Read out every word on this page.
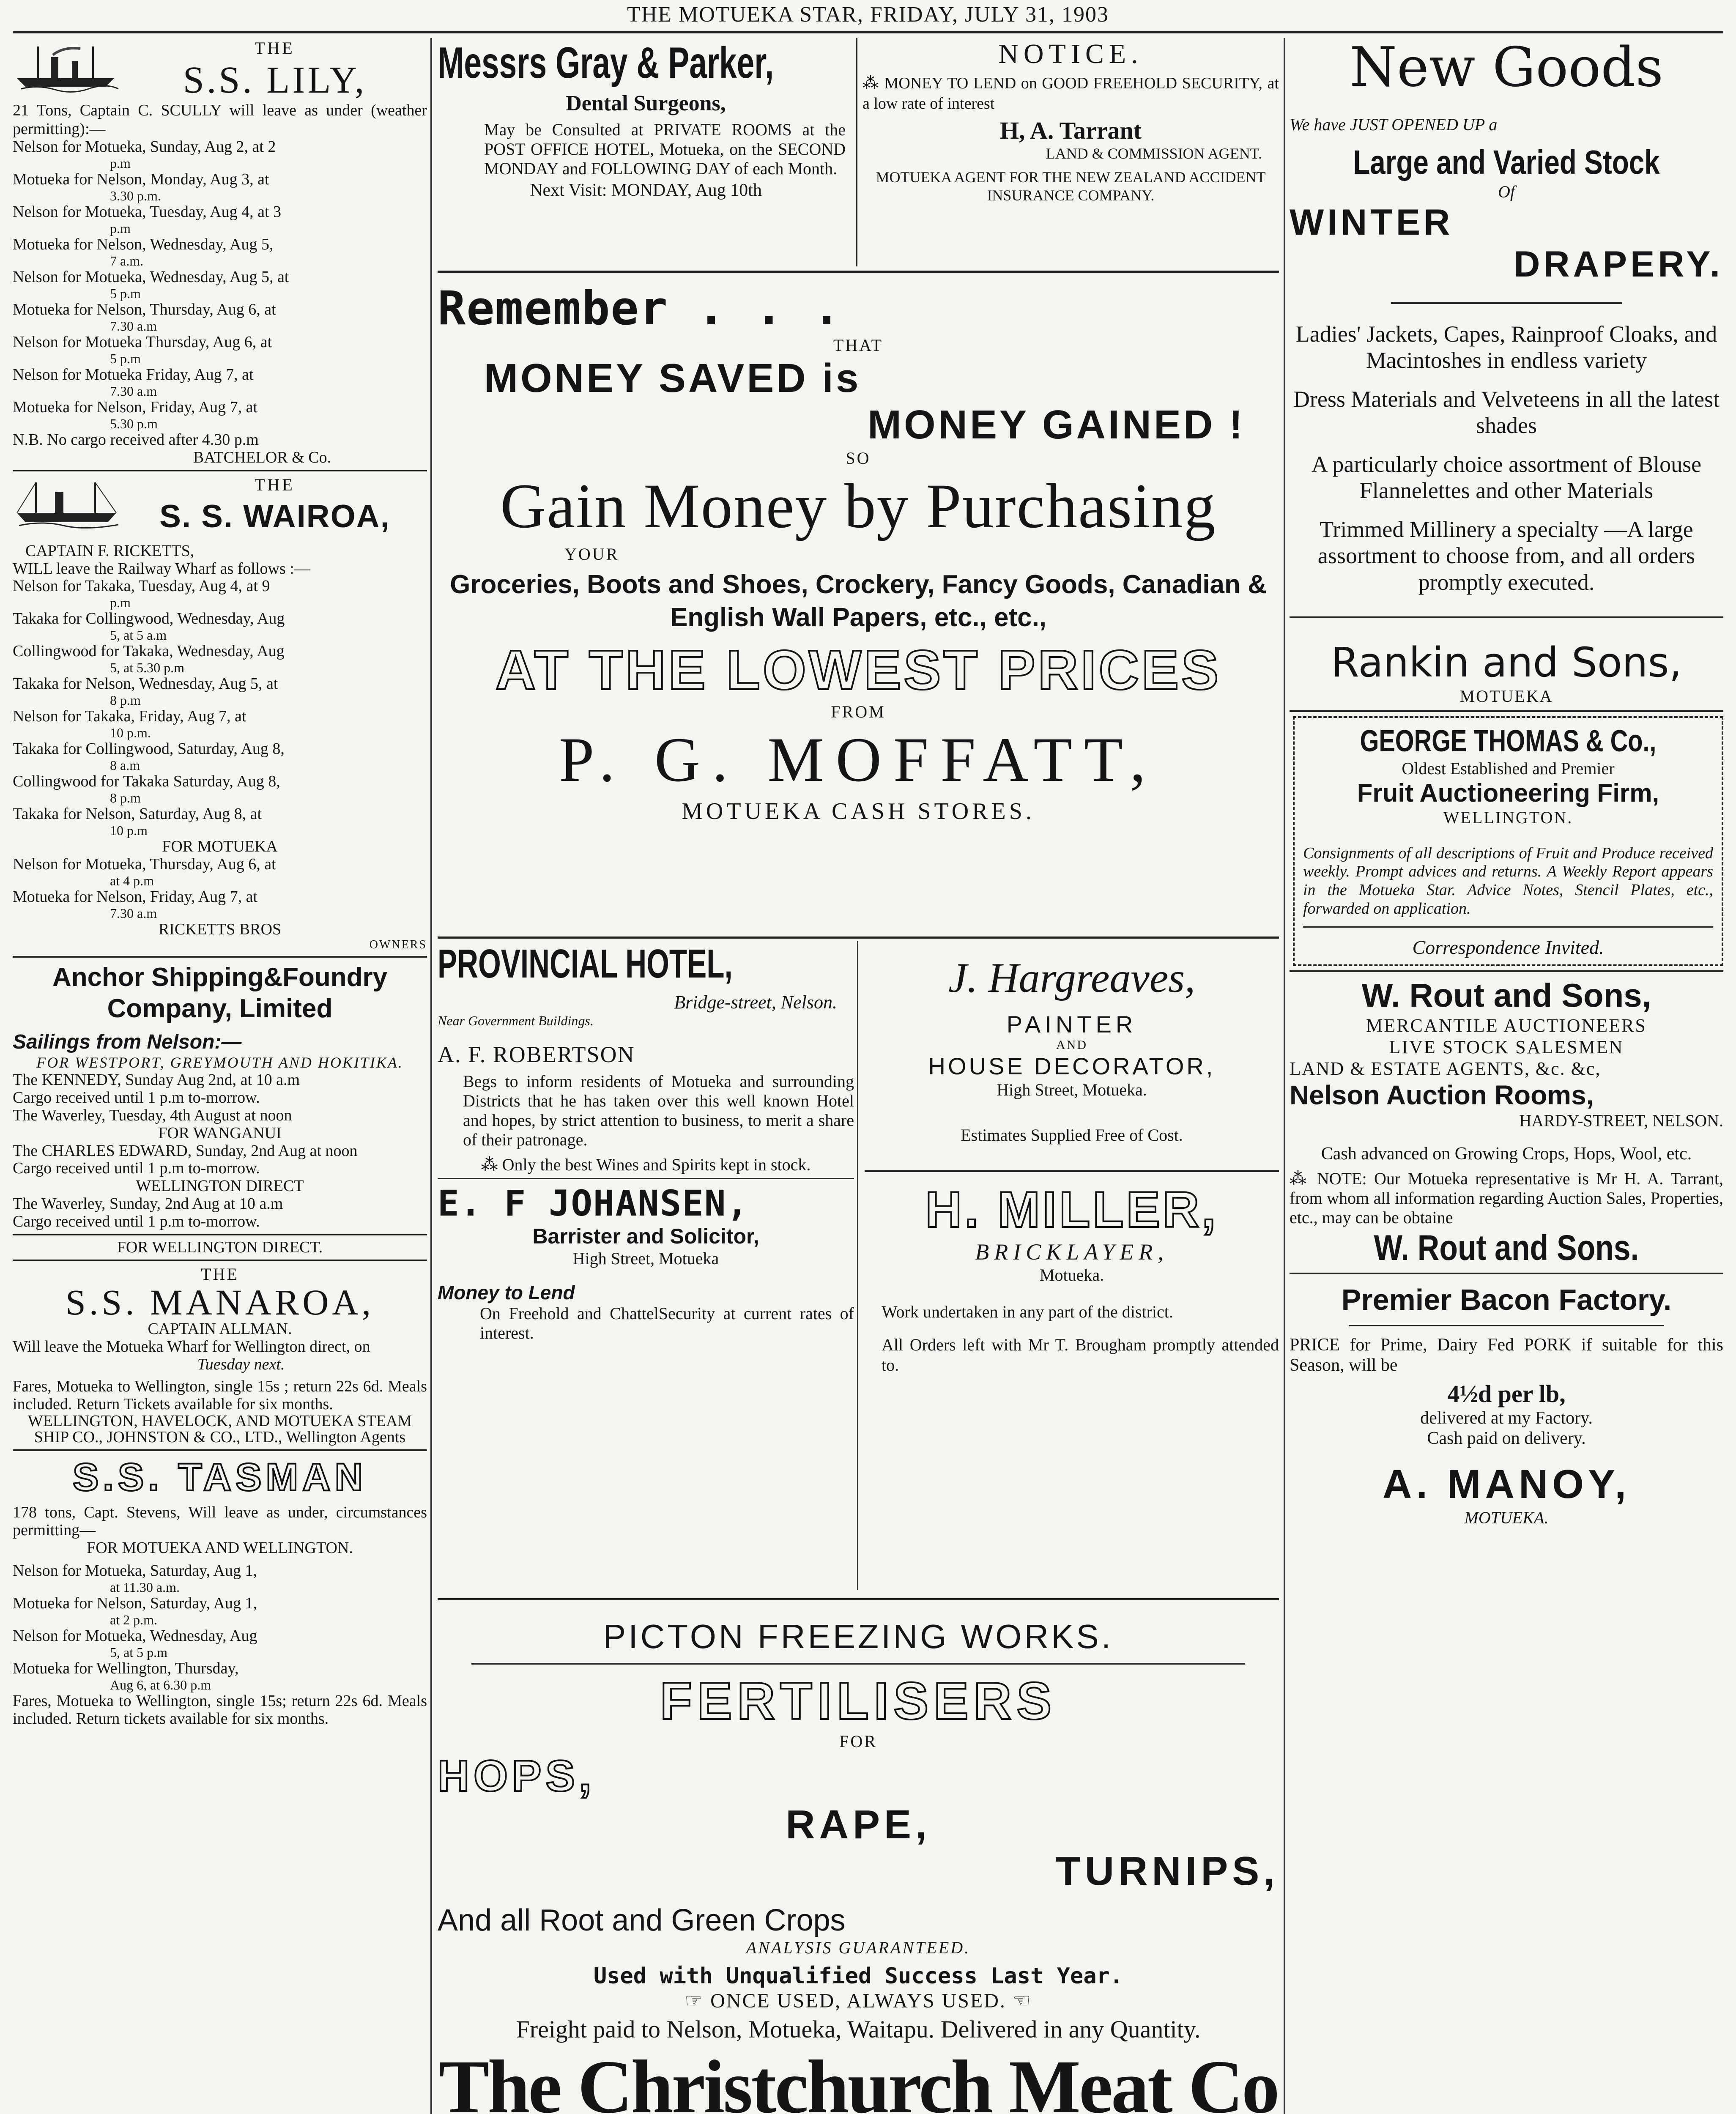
THE MOTUEKA STAR, FRIDAY, JULY 31, 1903
THE
S.S. LILY,
21 Tons, Captain C. SCULLY will leave as under (weather permitting):—
Nelson for Motueka, Sunday, Aug 2, at 2
p.m
Motueka for Nelson, Monday, Aug 3, at
3.30 p.m.
Nelson for Motueka, Tuesday, Aug 4, at 3
p.m
Motueka for Nelson, Wednesday, Aug 5,
7 a.m.
Nelson for Motueka, Wednesday, Aug 5, at
5 p.m
Motueka for Nelson, Thursday, Aug 6, at
7.30 a.m
Nelson for Motueka Thursday, Aug 6, at
5 p.m
Nelson for Motueka Friday, Aug 7, at
7.30 a.m
Motueka for Nelson, Friday, Aug 7, at
5.30 p.m
N.B. No cargo received after 4.30 p.m
BATCHELOR & Co.
THE
S. S. WAIROA,
CAPTAIN F. RICKETTS,
WILL leave the Railway Wharf as follows :—
Nelson for Takaka, Tuesday, Aug 4, at 9
p.m
Takaka for Collingwood, Wednesday, Aug
5, at 5 a.m
Collingwood for Takaka, Wednesday, Aug
5, at 5.30 p.m
Takaka for Nelson, Wednesday, Aug 5, at
8 p.m
Nelson for Takaka, Friday, Aug 7, at
10 p.m.
Takaka for Collingwood, Saturday, Aug 8,
8 a.m
Collingwood for Takaka Saturday, Aug 8,
8 p.m
Takaka for Nelson, Saturday, Aug 8, at
10 p.m
FOR MOTUEKA
Nelson for Motueka, Thursday, Aug 6, at
at 4 p.m
Motueka for Nelson, Friday, Aug 7, at
7.30 a.m
RICKETTS BROS
OWNERS
Anchor Shipping&Foundry Company, Limited
Sailings from Nelson:—
FOR WESTPORT, GREYMOUTH AND HOKITIKA.
The KENNEDY, Sunday Aug 2nd, at 10 a.m
Cargo received until 1 p.m to-morrow.
The Waverley, Tuesday, 4th August at noon
FOR WANGANUI
The CHARLES EDWARD, Sunday, 2nd Aug at noon
Cargo received until 1 p.m to-morrow.
WELLINGTON DIRECT
The Waverley, Sunday, 2nd Aug at 10 a.m
Cargo received until 1 p.m to-morrow.
FOR WELLINGTON DIRECT.
THE
S.S. MANAROA,
CAPTAIN ALLMAN.
Will leave the Motueka Wharf for Wellington direct, on
Tuesday next.
Fares, Motueka to Wellington, single 15s ; return 22s 6d. Meals included. Return Tickets available for six months.
WELLINGTON, HAVELOCK, AND MOTUEKA STEAM SHIP CO., JOHNSTON & CO., LTD., Wellington Agents
S.S. TASMAN
178 tons, Capt. Stevens, Will leave as under, circumstances permitting—
FOR MOTUEKA AND WELLINGTON.
Nelson for Motueka, Saturday, Aug 1,
at 11.30 a.m.
Motueka for Nelson, Saturday, Aug 1,
at 2 p.m.
Nelson for Motueka, Wednesday, Aug
5, at 5 p.m
Motueka for Wellington, Thursday,
Aug 6, at 6.30 p.m
Fares, Motueka to Wellington, single 15s; return 22s 6d. Meals included. Return tickets available for six months.
Messrs Gray & Parker,
Dental Surgeons,
May be Consulted at PRIVATE ROOMS at the POST OFFICE HOTEL, Motueka, on the SECOND MONDAY and FOLLOWING DAY of each Month.
Next Visit: MONDAY, Aug 10th
NOTICE.
⁂ MONEY TO LEND on GOOD FREEHOLD SECURITY, at a low rate of interest
H, A. Tarrant
LAND & COMMISSION AGENT.
MOTUEKA AGENT FOR THE NEW ZEALAND ACCIDENT INSURANCE COMPANY.
Remember . . .
THAT
MONEY SAVED is
MONEY GAINED !
SO
Gain Money by Purchasing
YOUR
Groceries, Boots and Shoes, Crockery, Fancy Goods, Canadian & English Wall Papers, etc., etc.,
AT THE LOWEST PRICES
FROM
P. G. MOFFATT,
MOTUEKA CASH STORES.
PROVINCIAL HOTEL,
Bridge-street, Nelson.
Near Government Buildings.
A. F. ROBERTSON
Begs to inform residents of Motueka and surrounding Districts that he has taken over this well known Hotel and hopes, by strict attention to business, to merit a share of their patronage.
⁂ Only the best Wines and Spirits kept in stock.
E. F JOHANSEN,
Barrister and Solicitor,
High Street, Motueka
Money to Lend
On Freehold and ChattelSecurity at current rates of interest.
J. Hargreaves,
PAINTER
AND
HOUSE DECORATOR,
High Street, Motueka.
Estimates Supplied Free of Cost.
H. MILLER,
BRICKLAYER,
Motueka.
Work undertaken in any part of the district.
All Orders left with Mr T. Brougham promptly attended to.
PICTON FREEZING WORKS.
FERTILISERS
FOR
HOPS,
RAPE,
TURNIPS,
And all Root and Green Crops
ANALYSIS GUARANTEED.
Used with Unqualified Success Last Year.
☞ ONCE USED, ALWAYS USED. ☜
Freight paid to Nelson, Motueka, Waitapu. Delivered in any Quantity.
The Christchurch Meat Co
New Goods
We have JUST OPENED UP a
Large and Varied Stock
Of
WINTER
DRAPERY.
Ladies' Jackets, Capes, Rainproof Cloaks, and Macintoshes in endless variety
Dress Materials and Velveteens in all the latest shades
A particularly choice assortment of Blouse Flannelettes and other Materials
Trimmed Millinery a specialty —A large assortment to choose from, and all orders promptly executed.
Rankin and Sons,
MOTUEKA
GEORGE THOMAS & Co.,
Oldest Established and Premier
Fruit Auctioneering Firm,
WELLINGTON.
Consignments of all descriptions of Fruit and Produce received weekly. Prompt advices and returns. A Weekly Report appears in the Motueka Star. Advice Notes, Stencil Plates, etc., forwarded on application.
Correspondence Invited.
W. Rout and Sons,
MERCANTILE AUCTIONEERS
LIVE STOCK SALESMEN
LAND & ESTATE AGENTS, &c. &c,
Nelson Auction Rooms,
HARDY-STREET, NELSON.
Cash advanced on Growing Crops, Hops, Wool, etc.
⁂ NOTE: Our Motueka representative is Mr H. A. Tarrant, from whom all information regarding Auction Sales, Properties, etc., may can be obtaine
W. Rout and Sons.
Premier Bacon Factory.
PRICE for Prime, Dairy Fed PORK if suitable for this Season, will be
4½d per lb,
delivered at my Factory.
Cash paid on delivery.
A. MANOY,
MOTUEKA.
